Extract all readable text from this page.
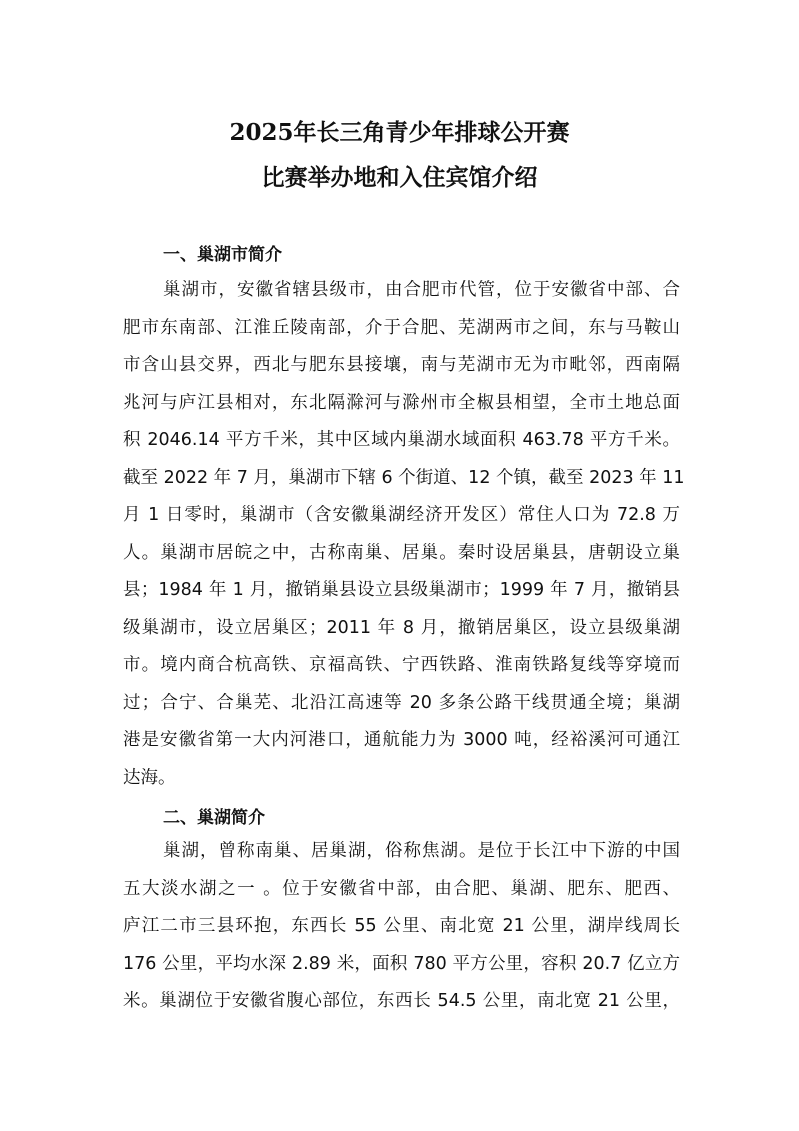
2025年长三角青少年排球公开赛
比赛举办地和入住宾馆介绍
一、巢湖市简介
巢湖市，安徽省辖县级市，由合肥市代管，位于安徽省中部、合
肥市东南部、江淮丘陵南部，介于合肥、芜湖两市之间，东与马鞍山
市含山县交界，西北与肥东县接壤，南与芜湖市无为市毗邻，西南隔
兆河与庐江县相对，东北隔滁河与滁州市全椒县相望，全市土地总面
积 2046.14 平方千米，其中区域内巢湖水域面积 463.78 平方千米。
截至 2022 年 7 月，巢湖市下辖 6 个街道、12 个镇，截至 2023 年 11
月 1 日零时，巢湖市（含安徽巢湖经济开发区）常住人口为 72.8 万
人。巢湖市居皖之中，古称南巢、居巢。秦时设居巢县，唐朝设立巢
县；1984 年 1 月，撤销巢县设立县级巢湖市；1999 年 7 月，撤销县
级巢湖市，设立居巢区；2011 年 8 月，撤销居巢区，设立县级巢湖
市。境内商合杭高铁、京福高铁、宁西铁路、淮南铁路复线等穿境而
过；合宁、合巢芜、北沿江高速等 20 多条公路干线贯通全境；巢湖
港是安徽省第一大内河港口，通航能力为 3000 吨，经裕溪河可通江
达海。
二、巢湖简介
巢湖，曾称南巢、居巢湖，俗称焦湖。是位于长江中下游的中国
五大淡水湖之一 。位于安徽省中部，由合肥、巢湖、肥东、肥西、
庐江二市三县环抱，东西长 55 公里、南北宽 21 公里，湖岸线周长
176 公里，平均水深 2.89 米，面积 780 平方公里，容积 20.7 亿立方
米。巢湖位于安徽省腹心部位，东西长 54.5 公里，南北宽 21 公里，
